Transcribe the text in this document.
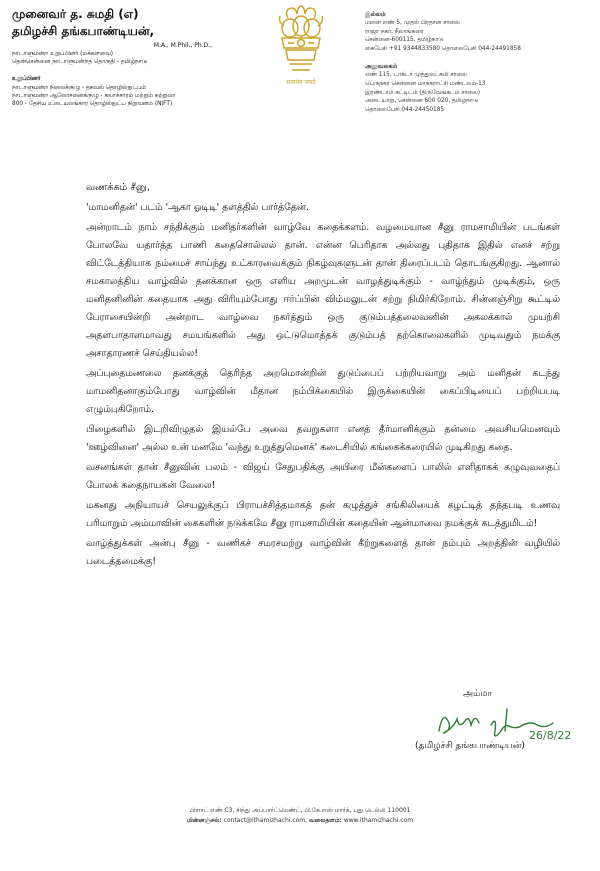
முனைவர் த. சுமதி (எ)
தமிழச்சி தங்கபாண்டியன்,
M.A., M.Phil., Ph.D.,
நாடாளுமன்ற உறுப்பினர் (மக்களவை)
தென்சென்னை நாடாளுமன்றத் தொகுதி - தமிழ்நாடு
உறுப்பினர்
நாடாளுமன்ற நிலைக்குழு - தகவல் தொழில்நுட்பம்
நாடாளுமன்ற ஆலோசனைக்குழு - கலாச்சாரம் மற்றும் சுற்றுலா
800 - தேசிய உடையலங்கார தொழில்நுட்ப நிறுவனம் (NIFT)
सत्यमेव जयते
இல்லம்
மனை எண் 5, முதல் பிரதான சாலை
ராஜா நகர், நீலாங்கரை
சென்னை-600115, தமிழ்நாடு
கைபேசி +91 9344833580 தொலைபேசி 044-24491858
அலுவலகம்
எண் 115, டாக்டர் முத்துலட்சுமி சாலை
பெருநகர சென்னை மாநகராட்சி மண்டலம்-13
இரண்டாம் கட்டிடம் (திருவேங்கடம் சாலை)
அடையாறு, சென்னை 600 020, தமிழ்நாடு
தொலைபேசி 044-24450185

வணக்கம் சீனு,

'மாமனிதன்' படம் 'ஆகா ஓடிடி' தளத்தில் பார்த்தேன்.

அன்றாடம் நாம் சந்திக்கும் மனிதர்களின் வாழ்வே கதைக்களம். வழமையான சீனு ராமசாமியின் படங்கள் போலவே யதார்த்த பாணி கதைசொல்லல் தான். என்ன பெரிதாக அல்லது புதிதாக இதில் எனச் சற்று விட்டேத்தியாக நம்மைச் சாய்ந்து உட்காரவைக்கும் நிகழ்வுகளுடன் தான் திரைப்படம் தொடங்குகிறது. ஆனால் சமகாலத்திய வாழ்வில் தனக்கான ஒரு எளிய அறமுடன் வாழத்துடிக்கும் - வாழ்ந்தும் முடிக்கும், ஒரு மனிதனினின் கதையாக அது விரியும்போது ஈர்ப்பின் விம்மலுடன் சற்று நிமிர்கிறோம். சின்னஞ்சிறு கூட்டில் பேராசையின்றி அன்றாட வாழ்வை நகர்த்தும் ஒரு குடும்பத்தலைவனின் அகலக்கால் முயற்சி அதளபாதாளமாவது சமயங்களில் அது ஒட்டுமொத்தக் குடும்பத் தற்கொலைகளில் முடிவதும் நமக்கு அசாதாரணச் செய்தியல்ல!

அப்புதைமணலை தனக்குத் தெரிந்த அறமொன்றின் துடுப்பைப் பற்றியவாறு அம் மனிதன் கடந்து மாமனிதனாகும்போது வாழ்வின் மீதான நம்பிக்கையில் இருக்கையின் கைப்பிடியைப் பற்றியபடி எழும்புகிறோம்.

பிழைகளில் இடறிவிழுதல் இயல்பே அவை தவறுகளா எனத் தீர்மானிக்கும் தன்மை அவசியமெனவும் 'ஊழ்வினை' அல்ல உன் மனமே 'வந்து உறுத்துமெனக்' கடைசியில் கங்கைக்கரையில் முடிகிறது கதை.

வசனங்கள் தான் சீனுவின் பலம் - விஜய் சேதுபதிக்கு அயிரை மீன்களைப் பாலில் எளிதாகக் கழுவுவதைப் போலக் கதைநாயகன் வேலை!

மகனது அநியாயச் செயலுக்குப் பிராயச்சித்தமாகத் தன் கழுத்துச் சங்கிலியைக் கழட்டித் தந்தபடி உணவு பரிமாறும் அம்மாவின் கைகளின் நடுக்கமே சீனு ராமசாமியின் கதையின் ஆன்மாவை நமக்குக் கடத்துமிடம்!

வாழ்த்துக்கள் அன்பு சீனு - வணிகச் சமரசமற்று வாழ்வின் கீற்றுகளைத் தான் நம்பும் அறத்தின் வழியில் படைத்தமைக்கு!

அம்மா
26/8/22
(தமிழச்சி தங்கபாண்டியன்)
பிளாட் எண் C3, சிந்து அப்பார்ட்மெண்ட், பி.கே.எஸ் மார்க், புது டெல்லி 110001
மின்னஞ்சல்: contact@ithamizhachi.com, வலைதளம்: www.ithamizhachi.com
